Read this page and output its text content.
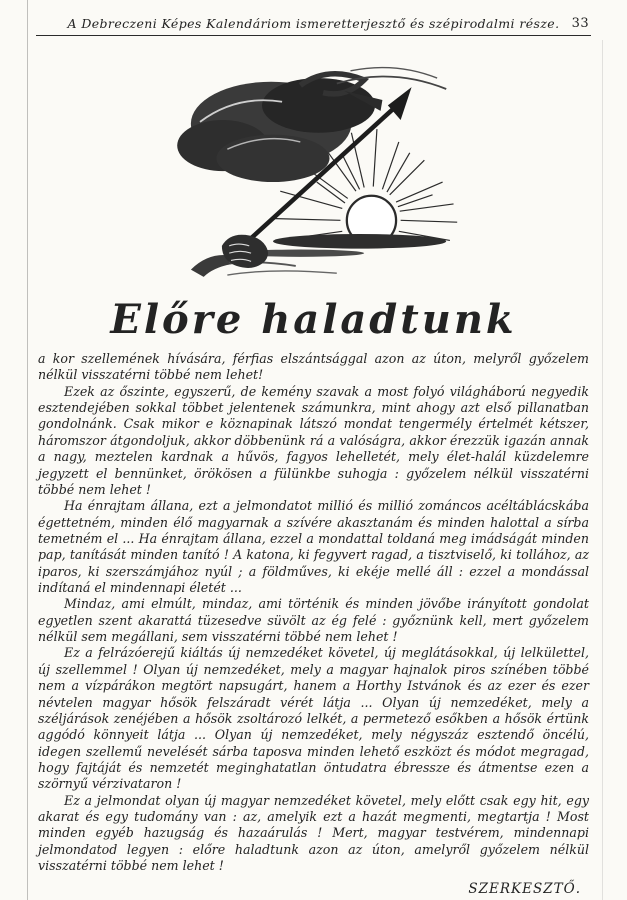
A Debreczeni Képes Kalendáriom ismeretterjesztő és szépirodalmi része. 33
Előre haladtunk

a kor szellemének hívására, férfias elszántsággal azon az úton, melyről győzelem nélkül visszatérni többé nem lehet!

Ezek az őszinte, egyszerű, de kemény szavak a most folyó világháború negyedik esztendejében sokkal többet jelentenek számunkra, mint ahogy azt első pillanatban gondolnánk. Csak mikor e köznapinak látszó mondat tengermély értelmét kétszer, háromszor átgondoljuk, akkor döbbenünk rá a valóságra, akkor érezzük igazán annak a nagy, meztelen kardnak a hűvös, fagyos lehelletét, mely élet-halál küzdelemre jegyzett el bennünket, örökösen a fülünkbe suhogja : győzelem nélkül visszatérni többé nem lehet !

Ha énrajtam állana, ezt a jelmondatot millió és millió zománcos acéltáblácskába égettetném, minden élő magyarnak a szívére akasztanám és minden halottal a sírba temetném el ... Ha énrajtam állana, ezzel a mondattal toldaná meg imádságát minden pap, tanítását minden tanító ! A katona, ki fegyvert ragad, a tisztviselő, ki tollához, az iparos, ki szerszámjához nyúl ; a földműves, ki ekéje mellé áll : ezzel a mondással indítaná el mindennapi életét ...

Mindaz, ami elmúlt, mindaz, ami történik és minden jövőbe irányított gondolat egyetlen szent akarattá tüzesedve süvölt az ég felé : győznünk kell, mert győzelem nélkül sem megállani, sem visszatérni többé nem lehet !

Ez a felrázóerejű kiáltás új nemzedéket követel, új meglátásokkal, új lelkülettel, új szellemmel ! Olyan új nemzedéket, mely a magyar hajnalok piros színében többé nem a vízpárákon megtört napsugárt, hanem a Horthy Istvánok és az ezer és ezer névtelen magyar hősök felszáradt vérét látja ... Olyan új nemzedéket, mely a széljárások zenéjében a hősök zsoltározó lelkét, a permetező esőkben a hősök értünk aggódó könnyeit látja ... Olyan új nemzedéket, mely négyszáz esztendő öncélú, idegen szellemű nevelését sárba taposva minden lehető eszközt és módot megragad, hogy fajtáját és nemzetét meginghatatlan öntudatra ébressze és átmentse ezen a szörnyű vérzivataron !

Ez a jelmondat olyan új magyar nemzedéket követel, mely előtt csak egy hit, egy akarat és egy tudomány van : az, amelyik ezt a hazát megmenti, megtartja ! Most minden egyéb hazugság és hazaárulás ! Mert, magyar testvérem, mindennapi jelmondatod legyen : előre haladtunk azon az úton, amelyről győzelem nélkül visszatérni többé nem lehet !

SZERKESZTŐ.
